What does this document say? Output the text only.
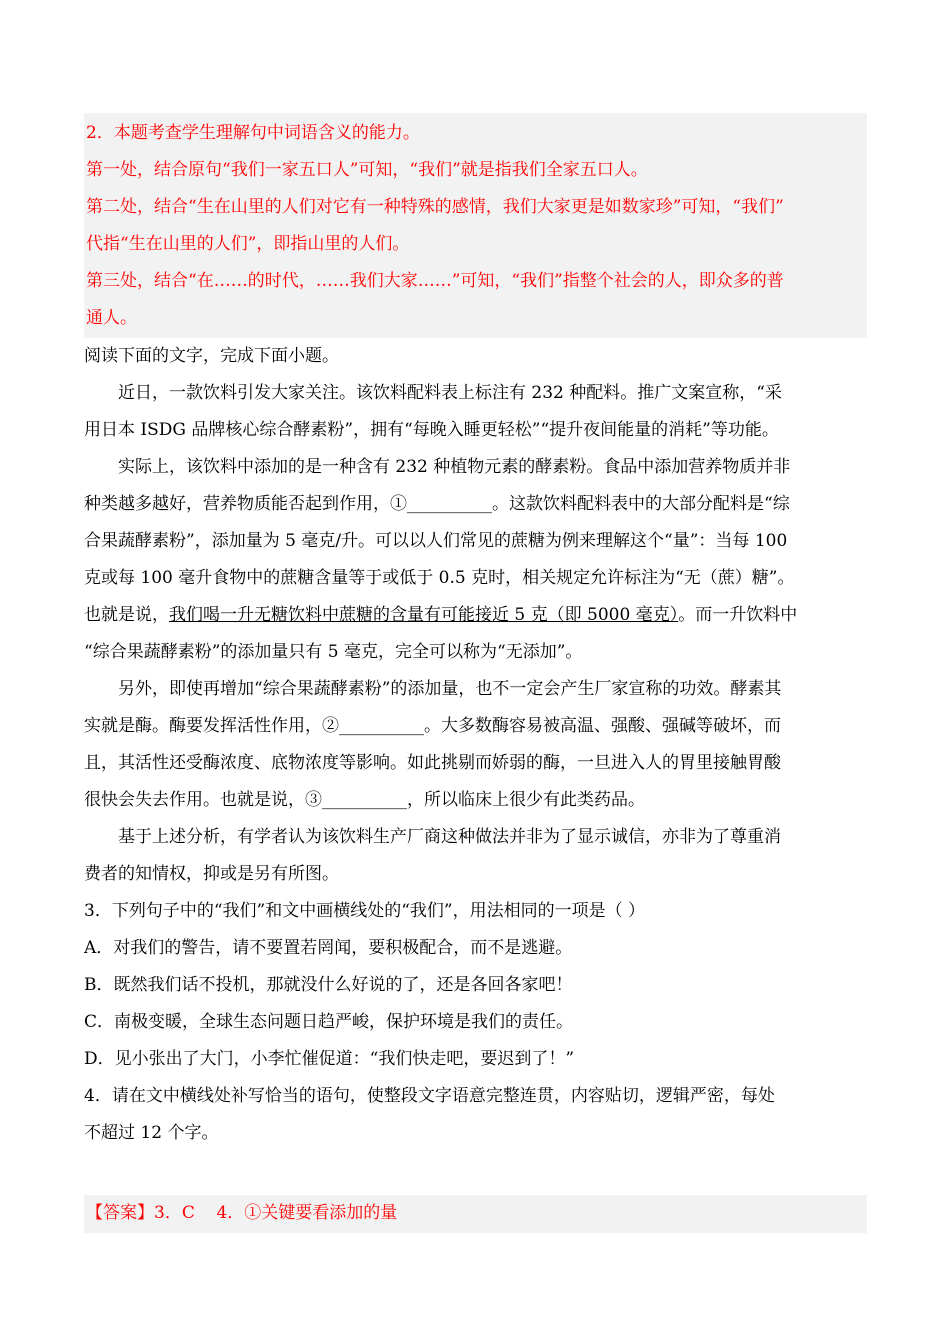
2．本题考查学生理解句中词语含义的能力。
第一处，结合原句“我们一家五口人”可知，“我们”就是指我们全家五口人。
第二处，结合“生在山里的人们对它有一种特殊的感情，我们大家更是如数家珍”可知，“我们”
代指“生在山里的人们”，即指山里的人们。
第三处，结合“在……的时代，……我们大家……”可知，“我们”指整个社会的人，即众多的普
通人。
阅读下面的文字，完成下面小题。
近日，一款饮料引发大家关注。该饮料配料表上标注有 232 种配料。推广文案宣称，“采
用日本 ISDG 品牌核心综合酵素粉”，拥有“每晚入睡更轻松”“提升夜间能量的消耗”等功能。
实际上，该饮料中添加的是一种含有 232 种植物元素的酵素粉。食品中添加营养物质并非
种类越多越好，营养物质能否起到作用，①__________。这款饮料配料表中的大部分配料是“综
合果蔬酵素粉”，添加量为 5 毫克/升。可以以人们常见的蔗糖为例来理解这个“量”：当每 100
克或每 100 毫升食物中的蔗糖含量等于或低于 0.5 克时，相关规定允许标注为“无（蔗）糖”。
也就是说，我们喝一升无糖饮料中蔗糖的含量有可能接近 5 克（即 5000 毫克）。而一升饮料中
“综合果蔬酵素粉”的添加量只有 5 毫克，完全可以称为“无添加”。
另外，即使再增加“综合果蔬酵素粉”的添加量，也不一定会产生厂家宣称的功效。酵素其
实就是酶。酶要发挥活性作用，②__________。大多数酶容易被高温、强酸、强碱等破坏，而
且，其活性还受酶浓度、底物浓度等影响。如此挑剔而娇弱的酶，一旦进入人的胃里接触胃酸
很快会失去作用。也就是说，③__________，所以临床上很少有此类药品。
基于上述分析，有学者认为该饮料生产厂商这种做法并非为了显示诚信，亦非为了尊重消
费者的知情权，抑或是另有所图。
3．下列句子中的“我们”和文中画横线处的“我们”，用法相同的一项是（ ）
A．对我们的警告，请不要置若罔闻，要积极配合，而不是逃避。
B．既然我们话不投机，那就没什么好说的了，还是各回各家吧！
C．南极变暖，全球生态问题日趋严峻，保护环境是我们的责任。
D．见小张出了大门，小李忙催促道：“我们快走吧，要迟到了！”
4．请在文中横线处补写恰当的语句，使整段文字语意完整连贯，内容贴切，逻辑严密，每处
不超过 12 个字。
【答案】3．C    4．①关键要看添加的量
